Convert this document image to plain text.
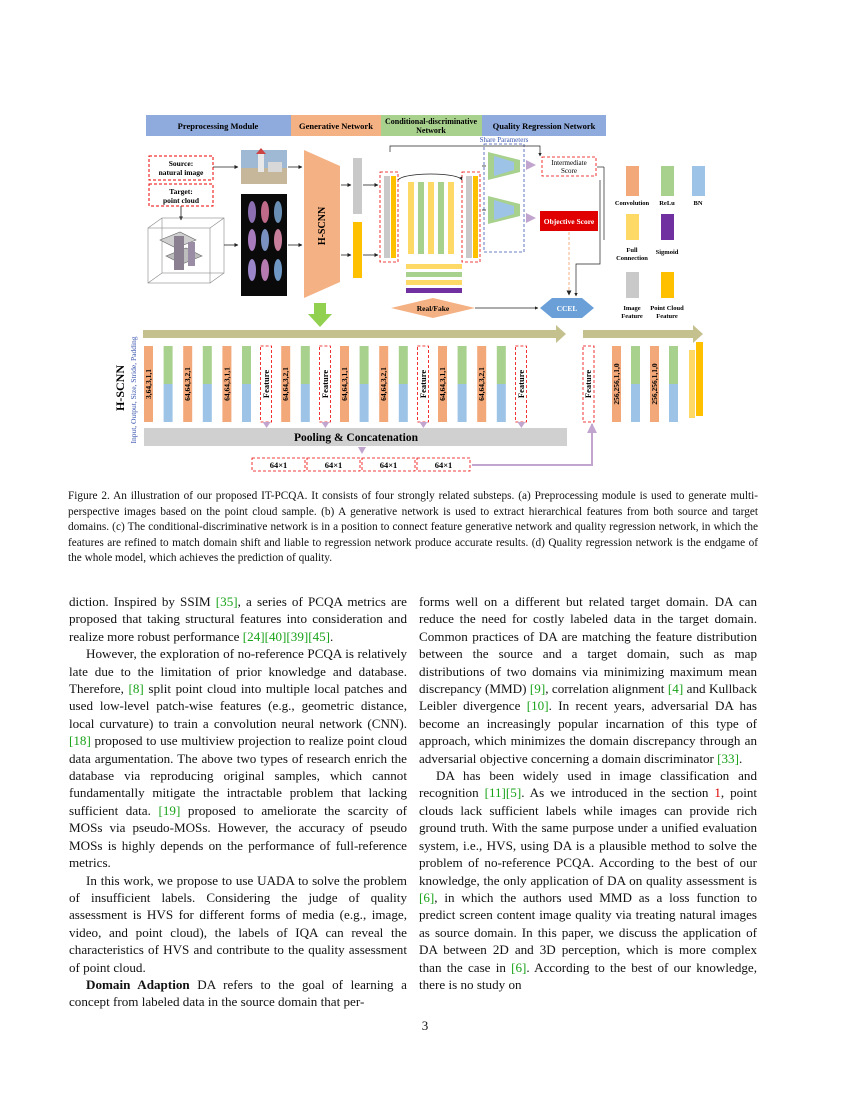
Preprocessing Module	Generative Network Conditional-discriminative
Network	Quality Regression Network
Source:
natural image
Target:
point cloud
H-SCNN
Real/Fake
Share Parameters
Intermediate
Score
Objective Score
CCEL
Convolution ReLu	BN
Full
Connection
Sigmoid
Image
Feature
Point Cloud
Feature
H-SCNN Input, Output, Size, Stride, Padding 3,64,3,1,1	64,64,3,2,1	64,64,3,1,1	Feature 64,64,3,2,1	Feature 64,64,3,1,1	64,64,3,2,1	Feature 64,64,3,1,1	64,64,3,2,1	Feature	Feature	256,256,1,1,0	256,256,1,1,0
Pooling & Concatenation
64×1	64×1	64×1	64×1

Figure 2. An illustration of our proposed IT-PCQA. It consists of four strongly related substeps. (a) Preprocessing module is used to generate multi-perspective images based on the point cloud sample. (b) A generative network is used to extract hierarchical features from both source and target domains. (c) The conditional-discriminative network is in a position to connect feature generative network and quality regression network, in which the features are refined to match domain shift and liable to regression network produce accurate results. (d) Quality regression network is the endgame of the whole model, which achieves the prediction of quality.

diction. Inspired by SSIM [35], a series of PCQA metrics are proposed that taking structural features into consideration and realize more robust performance [24][40][39][45].

However, the exploration of no-reference PCQA is relatively late due to the limitation of prior knowledge and database. Therefore, [8] split point cloud into multiple local patches and used low-level patch-wise features (e.g., geometric distance, local curvature) to train a convolution neural network (CNN). [18] proposed to use multiview projection to realize point cloud data argumentation. The above two types of research enrich the database via reproducing original samples, which cannot fundamentally mitigate the intractable problem that lacking sufficient data. [19] proposed to ameliorate the scarcity of MOSs via pseudo-MOSs. However, the accuracy of pseudo MOSs is highly depends on the performance of full-reference metrics.

In this work, we propose to use UADA to solve the problem of insufficient labels. Considering the judge of quality assessment is HVS for different forms of media (e.g., image, video, and point cloud), the labels of IQA can reveal the characteristics of HVS and contribute to the quality assessment of point cloud.

Domain Adaption DA refers to the goal of learning a concept from labeled data in the source domain that per-

forms well on a different but related target domain. DA can reduce the need for costly labeled data in the target domain. Common practices of DA are matching the feature distribution between the source and a target domain, such as map distributions of two domains via minimizing maximum mean discrepancy (MMD) [9], correlation alignment [4] and Kullback Leibler divergence [10]. In recent years, adversarial DA has become an increasingly popular incarnation of this type of approach, which minimizes the domain discrepancy through an adversarial objective concerning a domain discriminator [33].

DA has been widely used in image classification and recognition [11][5]. As we introduced in the section 1, point clouds lack sufficient labels while images can provide rich ground truth. With the same purpose under a unified evaluation system, i.e., HVS, using DA is a plausible method to solve the problem of no-reference PCQA. According to the best of our knowledge, the only application of DA on quality assessment is [6], in which the authors used MMD as a loss function to predict screen content image quality via treating natural images as source domain. In this paper, we discuss the application of DA between 2D and 3D perception, which is more complex than the case in [6]. According to the best of our knowledge, there is no study on

3
